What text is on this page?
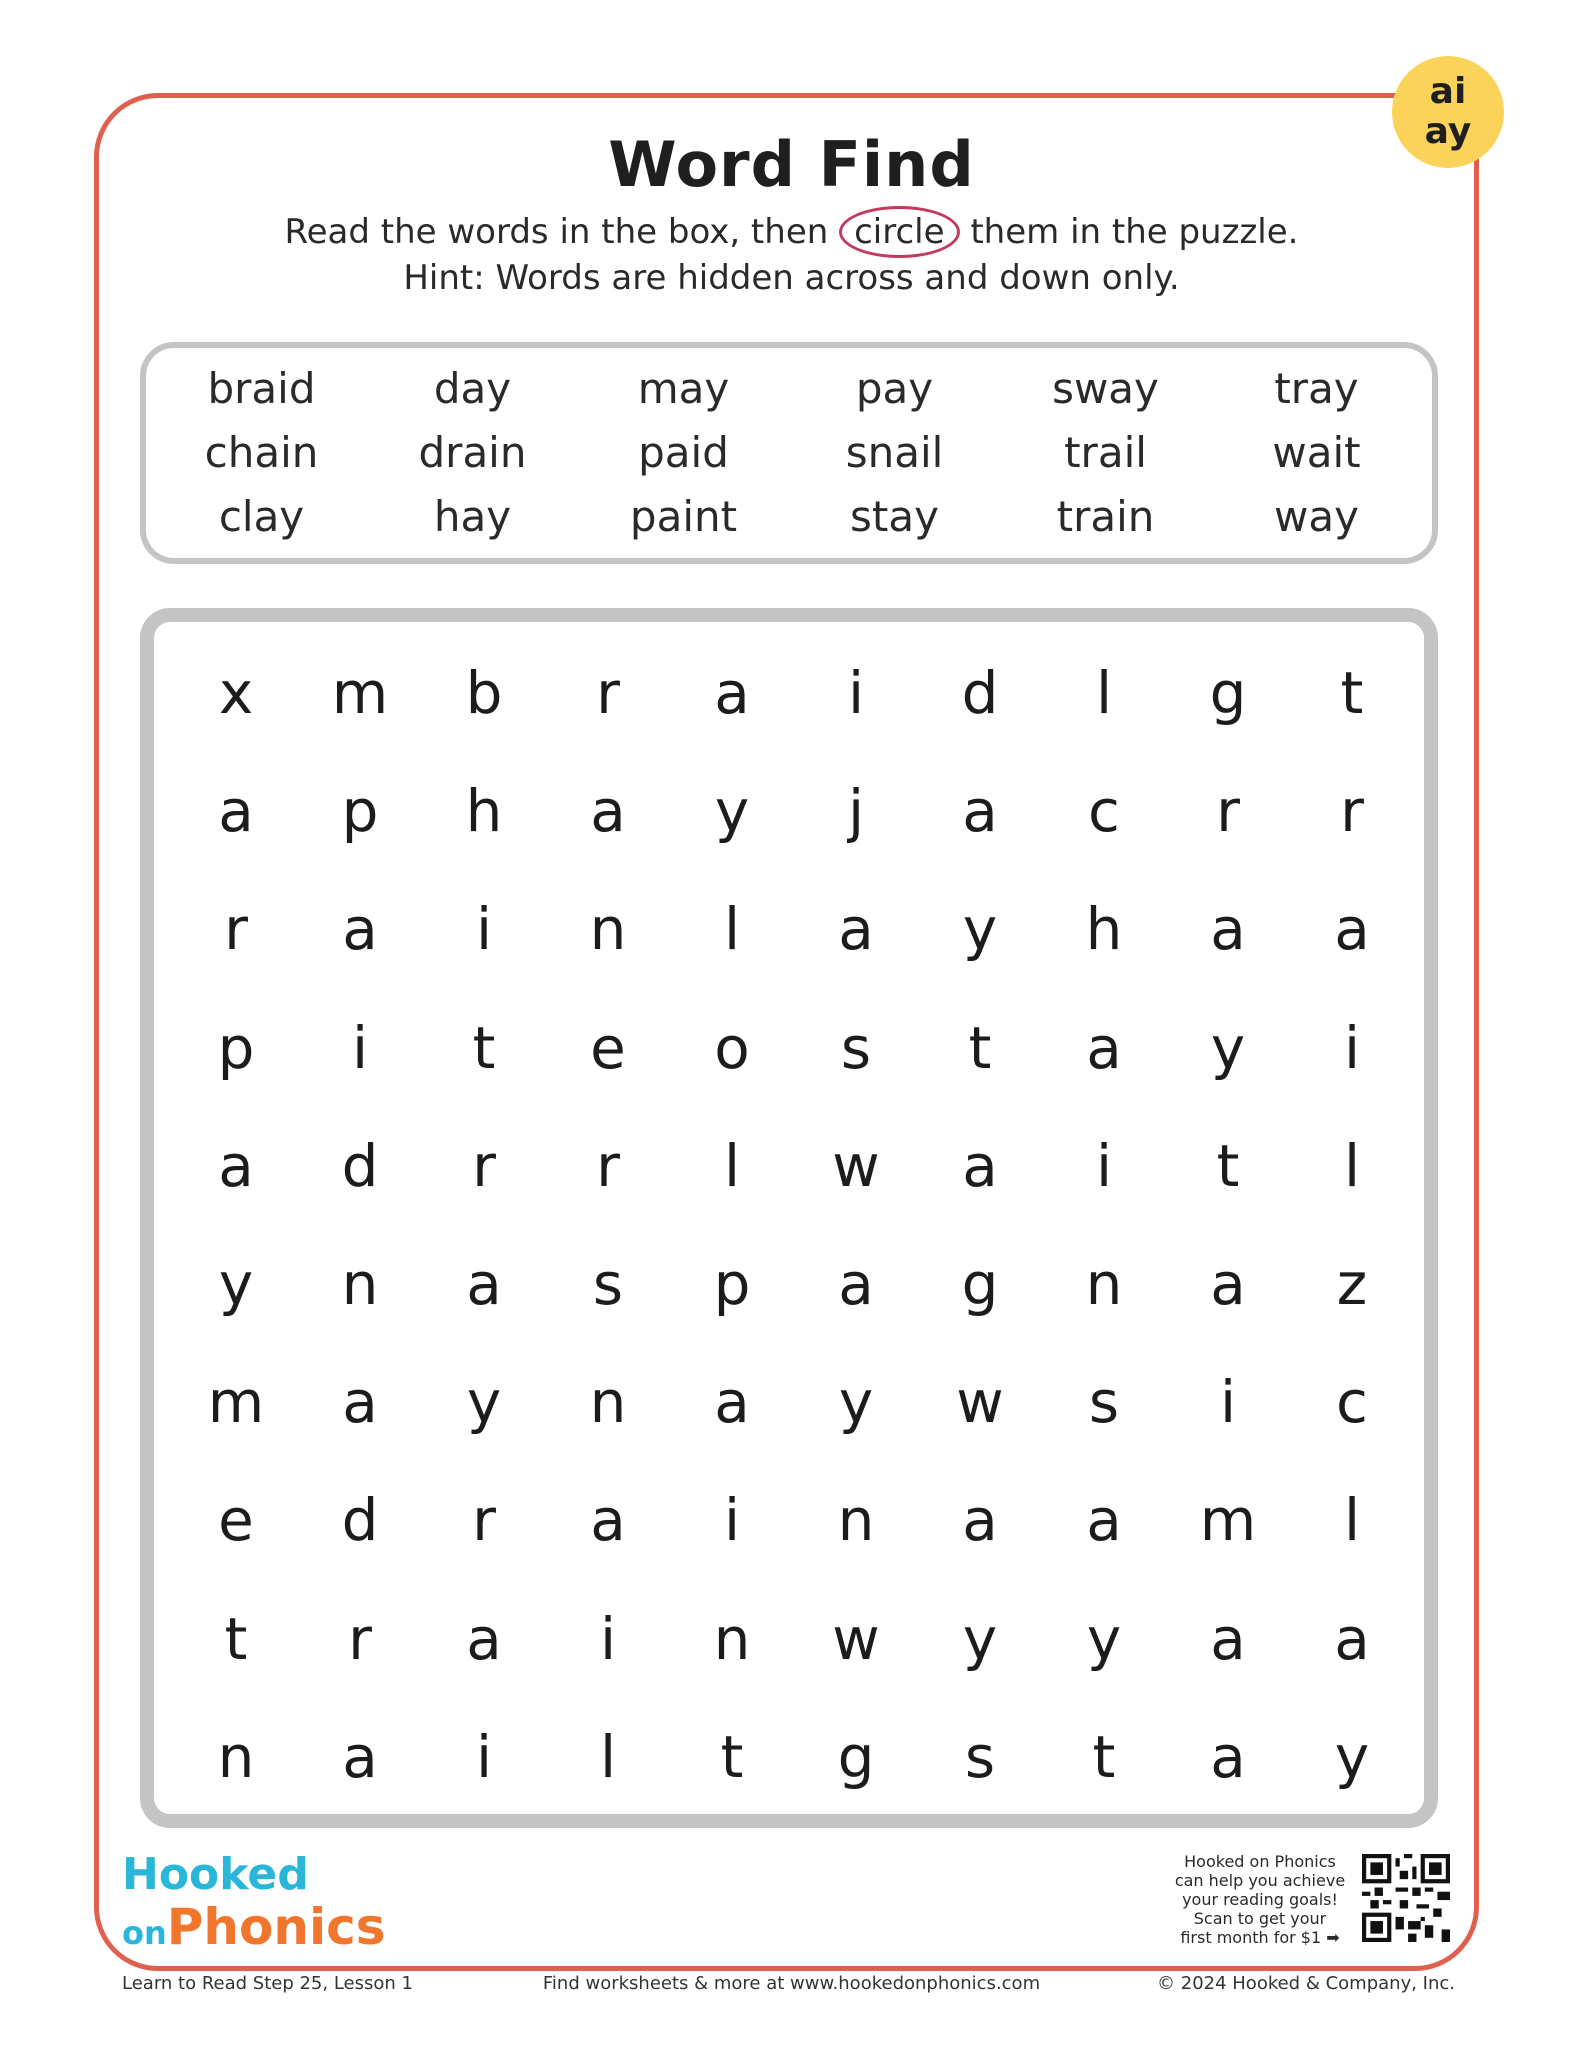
ai
ay
Word Find
Read the words in the box, then circle them in the puzzle.
Hint: Words are hidden across and down only.
braid	day	may	pay	sway	tray
chain	drain	paid	snail	trail	wait
clay	hay	paint	stay	train	way
x	m	b	r	a	i	d	l	g	t
a	p	h	a	y	j	a	c	r	r
r	a	i	n	l	a	y	h	a	a
p	i	t	e	o	s	t	a	y	i
a	d	r	r	l	w	a	i	t	l
y	n	a	s	p	a	g	n	a	z
m	a	y	n	a	y	w	s	i	c
e	d	r	a	i	n	a	a	m	l
t	r	a	i	n	w	y	y	a	a
n	a	i	l	t	g	s	t	a	y
Hooked
onPhonics
Hooked on Phonics
can help you achieve
your reading goals!
Scan to get your
first month for $1 ➡
Learn to Read Step 25, Lesson 1	Find worksheets & more at www.hookedonphonics.com	© 2024 Hooked & Company, Inc.
